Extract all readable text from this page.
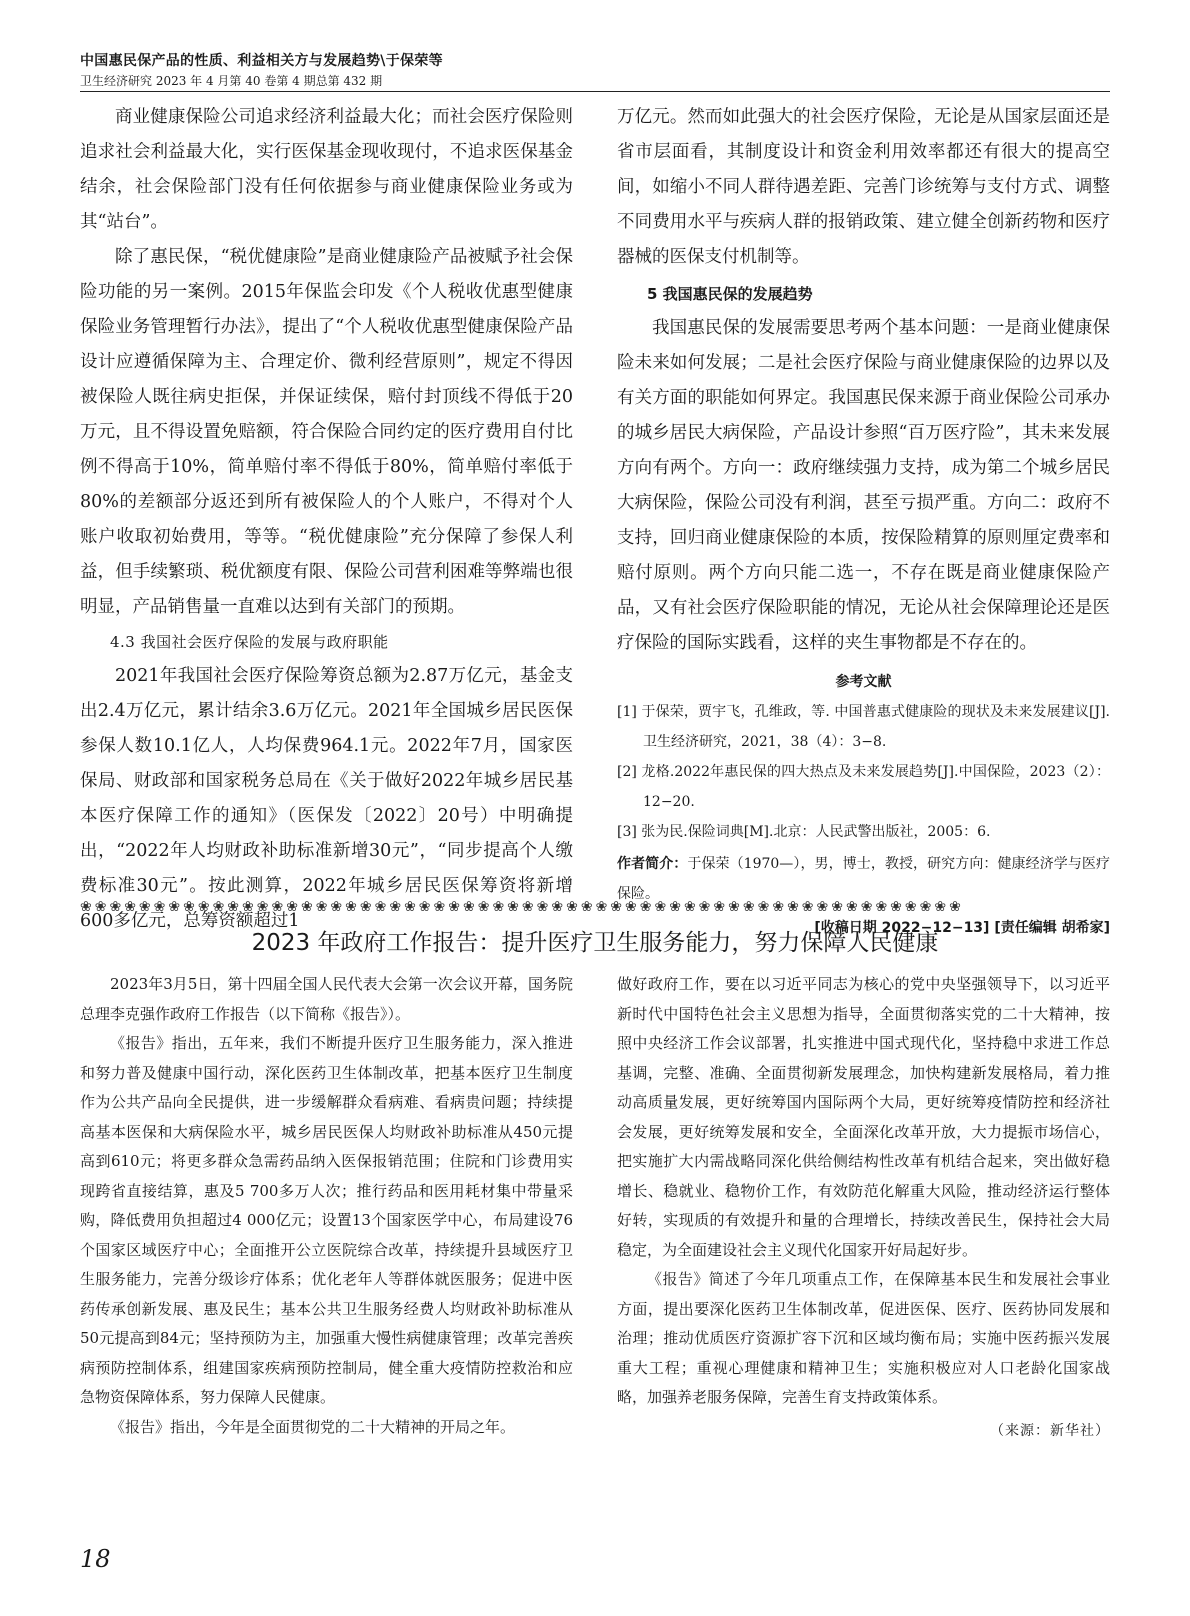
中国惠民保产品的性质、利益相关方与发展趋势\于保荣等
卫生经济研究 2023 年 4 月第 40 卷第 4 期总第 432 期

商业健康保险公司追求经济利益最大化；而社会医疗保险则追求社会利益最大化，实行医保基金现收现付，不追求医保基金结余，社会保险部门没有任何依据参与商业健康保险业务或为其“站台”。

除了惠民保，“税优健康险”是商业健康险产品被赋予社会保险功能的另一案例。2015年保监会印发《个人税收优惠型健康保险业务管理暂行办法》，提出了“个人税收优惠型健康保险产品设计应遵循保障为主、合理定价、微利经营原则”，规定不得因被保险人既往病史拒保，并保证续保，赔付封顶线不得低于20万元，且不得设置免赔额，符合保险合同约定的医疗费用自付比例不得高于10%，简单赔付率不得低于80%，简单赔付率低于80%的差额部分返还到所有被保险人的个人账户，不得对个人账户收取初始费用，等等。“税优健康险”充分保障了参保人利益，但手续繁琐、税优额度有限、保险公司营利困难等弊端也很明显，产品销售量一直难以达到有关部门的预期。

4.3 我国社会医疗保险的发展与政府职能

2021年我国社会医疗保险筹资总额为2.87万亿元，基金支出2.4万亿元，累计结余3.6万亿元。2021年全国城乡居民医保参保人数10.1亿人，人均保费964.1元。2022年7月，国家医保局、财政部和国家税务总局在《关于做好2022年城乡居民基本医疗保障工作的通知》（医保发〔2022〕20号）中明确提出，“2022年人均财政补助标准新增30元”，“同步提高个人缴费标准30元”。按此测算，2022年城乡居民医保筹资将新增600多亿元，总筹资额超过1

万亿元。然而如此强大的社会医疗保险，无论是从国家层面还是省市层面看，其制度设计和资金利用效率都还有很大的提高空间，如缩小不同人群待遇差距、完善门诊统筹与支付方式、调整不同费用水平与疾病人群的报销政策、建立健全创新药物和医疗器械的医保支付机制等。

5 我国惠民保的发展趋势

我国惠民保的发展需要思考两个基本问题：一是商业健康保险未来如何发展；二是社会医疗保险与商业健康保险的边界以及有关方面的职能如何界定。我国惠民保来源于商业保险公司承办的城乡居民大病保险，产品设计参照“百万医疗险”，其未来发展方向有两个。方向一：政府继续强力支持，成为第二个城乡居民大病保险，保险公司没有利润，甚至亏损严重。方向二：政府不支持，回归商业健康保险的本质，按保险精算的原则厘定费率和赔付原则。两个方向只能二选一，不存在既是商业健康保险产品，又有社会医疗保险职能的情况，无论从社会保障理论还是医疗保险的国际实践看，这样的夹生事物都是不存在的。

参考文献

[1] 于保荣，贾宇飞，孔维政，等. 中国普惠式健康险的现状及未来发展建议[J]. 卫生经济研究，2021，38（4）：3−8.

[2] 龙格.2022年惠民保的四大热点及未来发展趋势[J].中国保险，2023（2）：12−20.

[3] 张为民.保险词典[M].北京：人民武警出版社，2005：6.

作者简介：于保荣（1970—），男，博士，教授，研究方向：健康经济学与医疗保险。

[收稿日期 2022−12−13] [责任编辑 胡希家]
❀❀❀❀❀❀❀❀❀❀❀❀❀❀❀❀❀❀❀❀❀❀❀❀❀❀❀❀❀❀❀❀❀❀❀❀❀❀❀❀❀❀❀❀❀❀❀❀❀❀❀❀❀❀❀❀❀❀❀❀
2023 年政府工作报告：提升医疗卫生服务能力，努力保障人民健康

2023年3月5日，第十四届全国人民代表大会第一次会议开幕，国务院总理李克强作政府工作报告（以下简称《报告》）。

《报告》指出，五年来，我们不断提升医疗卫生服务能力，深入推进和努力普及健康中国行动，深化医药卫生体制改革，把基本医疗卫生制度作为公共产品向全民提供，进一步缓解群众看病难、看病贵问题；持续提高基本医保和大病保险水平，城乡居民医保人均财政补助标准从450元提高到610元；将更多群众急需药品纳入医保报销范围；住院和门诊费用实现跨省直接结算，惠及5 700多万人次；推行药品和医用耗材集中带量采购，降低费用负担超过4 000亿元；设置13个国家医学中心，布局建设76个国家区域医疗中心；全面推开公立医院综合改革，持续提升县域医疗卫生服务能力，完善分级诊疗体系；优化老年人等群体就医服务；促进中医药传承创新发展、惠及民生；基本公共卫生服务经费人均财政补助标准从50元提高到84元；坚持预防为主，加强重大慢性病健康管理；改革完善疾病预防控制体系，组建国家疾病预防控制局，健全重大疫情防控救治和应急物资保障体系，努力保障人民健康。

《报告》指出，今年是全面贯彻党的二十大精神的开局之年。

做好政府工作，要在以习近平同志为核心的党中央坚强领导下，以习近平新时代中国特色社会主义思想为指导，全面贯彻落实党的二十大精神，按照中央经济工作会议部署，扎实推进中国式现代化，坚持稳中求进工作总基调，完整、准确、全面贯彻新发展理念，加快构建新发展格局，着力推动高质量发展，更好统筹国内国际两个大局，更好统筹疫情防控和经济社会发展，更好统筹发展和安全，全面深化改革开放，大力提振市场信心，把实施扩大内需战略同深化供给侧结构性改革有机结合起来，突出做好稳增长、稳就业、稳物价工作，有效防范化解重大风险，推动经济运行整体好转，实现质的有效提升和量的合理增长，持续改善民生，保持社会大局稳定，为全面建设社会主义现代化国家开好局起好步。

《报告》简述了今年几项重点工作，在保障基本民生和发展社会事业方面，提出要深化医药卫生体制改革，促进医保、医疗、医药协同发展和治理；推动优质医疗资源扩容下沉和区域均衡布局；实施中医药振兴发展重大工程；重视心理健康和精神卫生；实施积极应对人口老龄化国家战略，加强养老服务保障，完善生育支持政策体系。

（来源：新华社）
18
